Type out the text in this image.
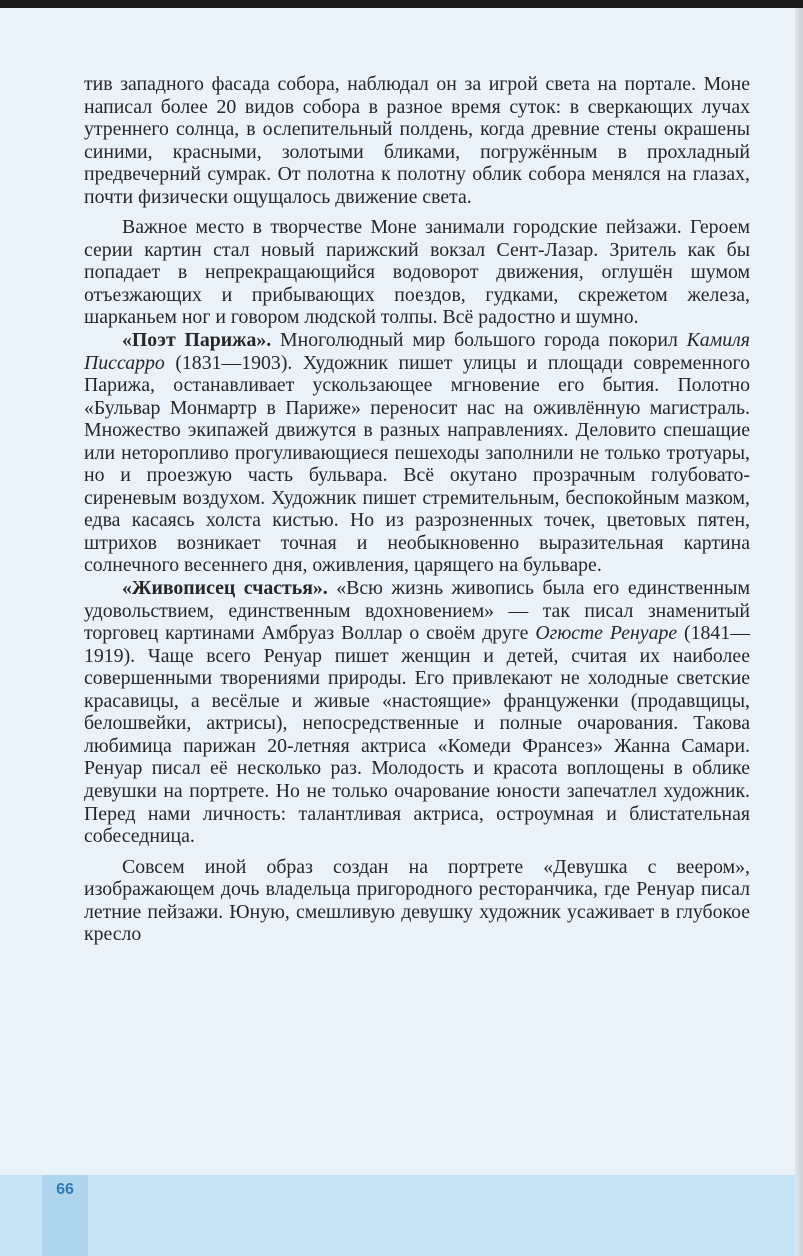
тив западного фасада собора, наблюдал он за игрой света на портале. Моне написал более 20 видов собора в разное время суток: в сверкающих лучах утреннего солнца, в ослепительный полдень, когда древние стены окрашены синими, красными, золотыми бликами, погружённым в прохладный предвечерний сумрак. От полотна к полотну облик собора менялся на глазах, почти физически ощущалось движение света.

Важное место в творчестве Моне занимали городские пейзажи. Героем серии картин стал новый парижский вокзал Сент-Лазар. Зритель как бы попадает в непрекращающийся водоворот движения, оглушён шумом отъезжающих и прибывающих поездов, гудками, скрежетом железа, шарканьем ног и говором людской толпы. Всё радостно и шумно.

«Поэт Парижа». Многолюдный мир большого города покорил Камиля Писсарро (1831—1903). Художник пишет улицы и площади современного Парижа, останавливает ускользающее мгновение его бытия. Полотно «Бульвар Монмартр в Париже» переносит нас на оживлённую магистраль. Множество экипажей движутся в разных направлениях. Деловито спешащие или неторопливо прогуливающиеся пешеходы заполнили не только тротуары, но и проезжую часть бульвара. Всё окутано прозрачным голубовато-сиреневым воздухом. Художник пишет стремительным, беспокойным мазком, едва касаясь холста кистью. Но из разрозненных точек, цветовых пятен, штрихов возникает точная и необыкновенно выразительная картина солнечного весеннего дня, оживления, царящего на бульваре.

«Живописец счастья». «Всю жизнь живопись была его единственным удовольствием, единственным вдохновением» — так писал знаменитый торговец картинами Амбруаз Воллар о своём друге Огюсте Ренуаре (1841—1919). Чаще всего Ренуар пишет женщин и детей, считая их наиболее совершенными творениями природы. Его привлекают не холодные светские красавицы, а весёлые и живые «настоящие» француженки (продавщицы, белошвейки, актрисы), непосредственные и полные очарования. Такова любимица парижан 20-летняя актриса «Комеди Франсез» Жанна Самари. Ренуар писал её несколько раз. Молодость и красота воплощены в облике девушки на портрете. Но не только очарование юности запечатлел художник. Перед нами личность: талантливая актриса, остроумная и блистательная собеседница.

Совсем иной образ создан на портрете «Девушка с веером», изображающем дочь владельца пригородного ресторанчика, где Ренуар писал летние пейзажи. Юную, смешливую девушку художник усаживает в глубокое кресло

66
